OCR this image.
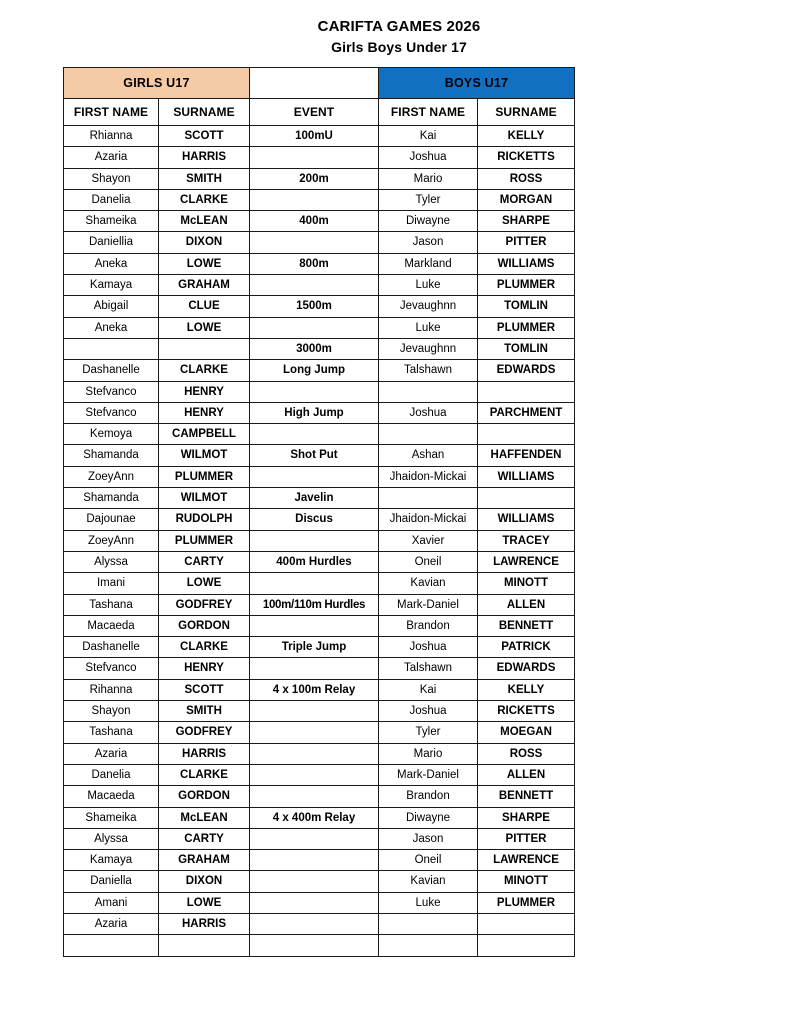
CARIFTA GAMES 2026
Girls Boys Under 17
GIRLS U17			BOYS U17	
FIRST NAME	SURNAME	EVENT	FIRST NAME	SURNAME
Rhianna	SCOTT	100mU	Kai	KELLY
Azaria	HARRIS		Joshua	RICKETTS
Shayon	SMITH	200m	Mario	ROSS
Danelia	CLARKE		Tyler	MORGAN
Shameika	McLEAN	400m	Diwayne	SHARPE
Daniellia	DIXON		Jason	PITTER
Aneka	LOWE	800m	Markland	WILLIAMS
Kamaya	GRAHAM		Luke	PLUMMER
Abigail	CLUE	1500m	Jevaughnn	TOMLIN
Aneka	LOWE		Luke	PLUMMER
		3000m	Jevaughnn	TOMLIN
Dashanelle	CLARKE	Long Jump	Talshawn	EDWARDS
Stefvanco	HENRY			
Stefvanco	HENRY	High Jump	Joshua	PARCHMENT
Kemoya	CAMPBELL			
Shamanda	WILMOT	Shot Put	Ashan	HAFFENDEN
ZoeyAnn	PLUMMER		Jhaidon-Mickai	WILLIAMS
Shamanda	WILMOT	Javelin		
Dajounae	RUDOLPH	Discus	Jhaidon-Mickai	WILLIAMS
ZoeyAnn	PLUMMER		Xavier	TRACEY
Alyssa	CARTY	400m Hurdles	Oneil	LAWRENCE
Imani	LOWE		Kavian	MINOTT
Tashana	GODFREY	100m/110m Hurdles	Mark-Daniel	ALLEN
Macaeda	GORDON		Brandon	BENNETT
Dashanelle	CLARKE	Triple Jump	Joshua	PATRICK
Stefvanco	HENRY		Talshawn	EDWARDS
Rihanna	SCOTT	4 x 100m Relay	Kai	KELLY
Shayon	SMITH		Joshua	RICKETTS
Tashana	GODFREY		Tyler	MOEGAN
Azaria	HARRIS		Mario	ROSS
Danelia	CLARKE		Mark-Daniel	ALLEN
Macaeda	GORDON		Brandon	BENNETT
Shameika	McLEAN	4 x 400m Relay	Diwayne	SHARPE
Alyssa	CARTY		Jason	PITTER
Kamaya	GRAHAM		Oneil	LAWRENCE
Daniella	DIXON		Kavian	MINOTT
Amani	LOWE		Luke	PLUMMER
Azaria	HARRIS			
